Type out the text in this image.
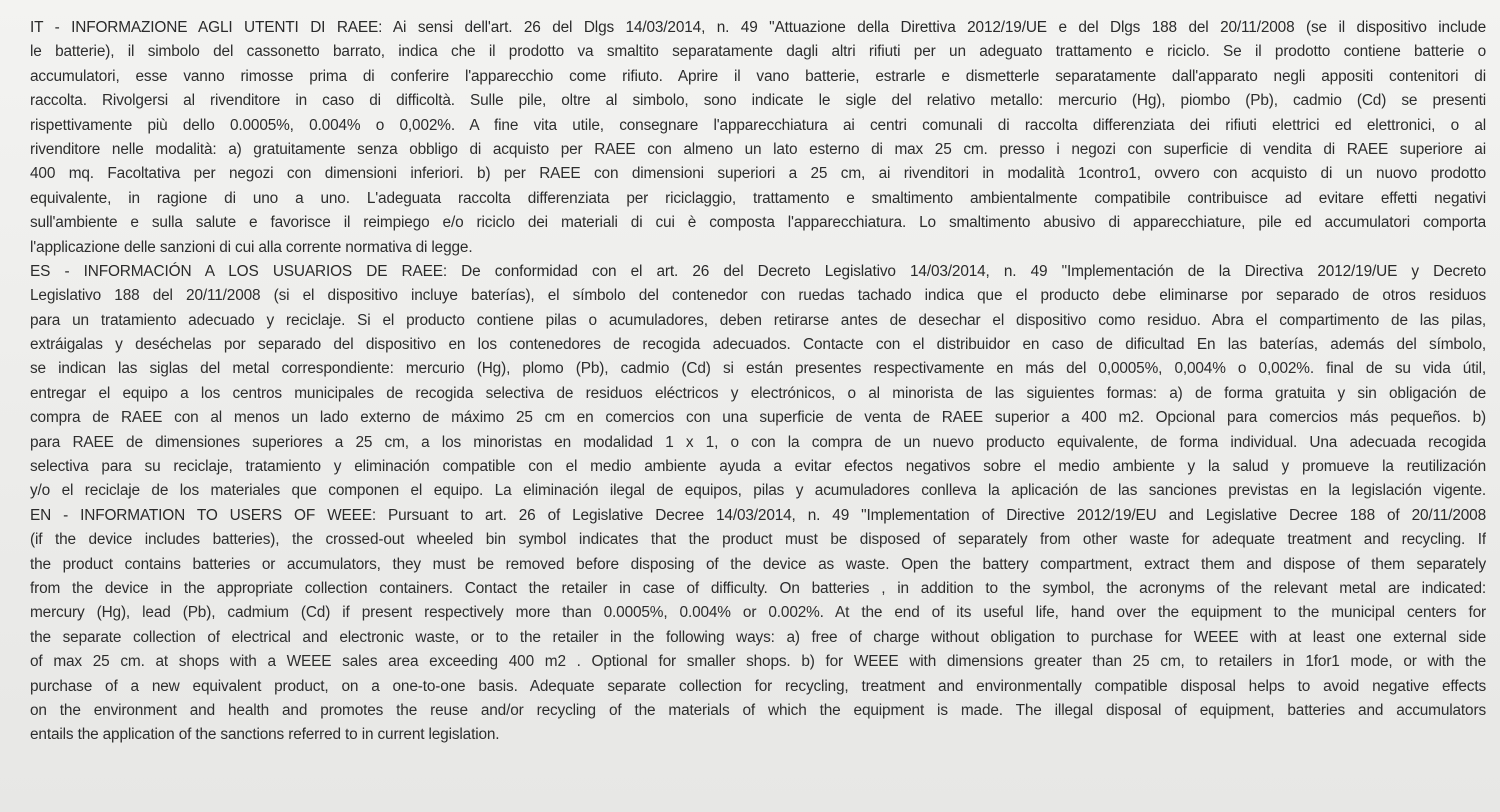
IT - INFORMAZIONE AGLI UTENTI DI RAEE: Ai sensi dell'art. 26 del Dlgs 14/03/2014, n. 49 "Attuazione della Direttiva 2012/19/UE e del Dlgs 188 del 20/11/2008 (se il dispositivo include
le batterie), il simbolo del cassonetto barrato, indica che il prodotto va smaltito separatamente dagli altri rifiuti per un adeguato trattamento e riciclo. Se il prodotto contiene batterie o
accumulatori, esse vanno rimosse prima di conferire l'apparecchio come rifiuto. Aprire il vano batterie, estrarle e dismetterle separatamente dall'apparato negli appositi contenitori di
raccolta. Rivolgersi al rivenditore in caso di difficoltà. Sulle pile, oltre al simbolo, sono indicate le sigle del relativo metallo: mercurio (Hg), piombo (Pb), cadmio (Cd) se presenti
rispettivamente più dello 0.0005%, 0.004% o 0,002%. A fine vita utile, consegnare l'apparecchiatura ai centri comunali di raccolta differenziata dei rifiuti elettrici ed elettronici, o al
rivenditore nelle modalità: a) gratuitamente senza obbligo di acquisto per RAEE con almeno un lato esterno di max 25 cm. presso i negozi con superficie di vendita di RAEE superiore ai
400 mq. Facoltativa per negozi con dimensioni inferiori. b) per RAEE con dimensioni superiori a 25 cm, ai rivenditori in modalità 1contro1, ovvero con acquisto di un nuovo prodotto
equivalente, in ragione di uno a uno. L'adeguata raccolta differenziata per riciclaggio, trattamento e smaltimento ambientalmente compatibile contribuisce ad evitare effetti negativi
sull'ambiente e sulla salute e favorisce il reimpiego e/o riciclo dei materiali di cui è composta l'apparecchiatura. Lo smaltimento abusivo di apparecchiature, pile ed accumulatori comporta
l'applicazione delle sanzioni di cui alla corrente normativa di legge.
ES - INFORMACIÓN A LOS USUARIOS DE RAEE: De conformidad con el art. 26 del Decreto Legislativo 14/03/2014, n. 49 "Implementación de la Directiva 2012/19/UE y Decreto
Legislativo 188 del 20/11/2008 (si el dispositivo incluye baterías), el símbolo del contenedor con ruedas tachado indica que el producto debe eliminarse por separado de otros residuos
para un tratamiento adecuado y reciclaje. Si el producto contiene pilas o acumuladores, deben retirarse antes de desechar el dispositivo como residuo. Abra el compartimento de las pilas,
extráigalas y deséchelas por separado del dispositivo en los contenedores de recogida adecuados. Contacte con el distribuidor en caso de dificultad En las baterías, además del símbolo,
se indican las siglas del metal correspondiente: mercurio (Hg), plomo (Pb), cadmio (Cd) si están presentes respectivamente en más del 0,0005%, 0,004% o 0,002%. final de su vida útil,
entregar el equipo a los centros municipales de recogida selectiva de residuos eléctricos y electrónicos, o al minorista de las siguientes formas: a) de forma gratuita y sin obligación de
compra de RAEE con al menos un lado externo de máximo 25 cm en comercios con una superficie de venta de RAEE superior a 400 m2. Opcional para comercios más pequeños. b)
para RAEE de dimensiones superiores a 25 cm, a los minoristas en modalidad 1 x 1, o con la compra de un nuevo producto equivalente, de forma individual. Una adecuada recogida
selectiva para su reciclaje, tratamiento y eliminación compatible con el medio ambiente ayuda a evitar efectos negativos sobre el medio ambiente y la salud y promueve la reutilización
y/o el reciclaje de los materiales que componen el equipo. La eliminación ilegal de equipos, pilas y acumuladores conlleva la aplicación de las sanciones previstas en la legislación vigente.
EN - INFORMATION TO USERS OF WEEE: Pursuant to art. 26 of Legislative Decree 14/03/2014, n. 49 "Implementation of Directive 2012/19/EU and Legislative Decree 188 of 20/11/2008
(if the device includes batteries), the crossed-out wheeled bin symbol indicates that the product must be disposed of separately from other waste for adequate treatment and recycling. If
the product contains batteries or accumulators, they must be removed before disposing of the device as waste. Open the battery compartment, extract them and dispose of them separately
from the device in the appropriate collection containers. Contact the retailer in case of difficulty. On batteries , in addition to the symbol, the acronyms of the relevant metal are indicated:
mercury (Hg), lead (Pb), cadmium (Cd) if present respectively more than 0.0005%, 0.004% or 0.002%. At the end of its useful life, hand over the equipment to the municipal centers for
the separate collection of electrical and electronic waste, or to the retailer in the following ways: a) free of charge without obligation to purchase for WEEE with at least one external side
of max 25 cm. at shops with a WEEE sales area exceeding 400 m2 . Optional for smaller shops. b) for WEEE with dimensions greater than 25 cm, to retailers in 1for1 mode, or with the
purchase of a new equivalent product, on a one-to-one basis. Adequate separate collection for recycling, treatment and environmentally compatible disposal helps to avoid negative effects
on the environment and health and promotes the reuse and/or recycling of the materials of which the equipment is made. The illegal disposal of equipment, batteries and accumulators
entails the application of the sanctions referred to in current legislation.
